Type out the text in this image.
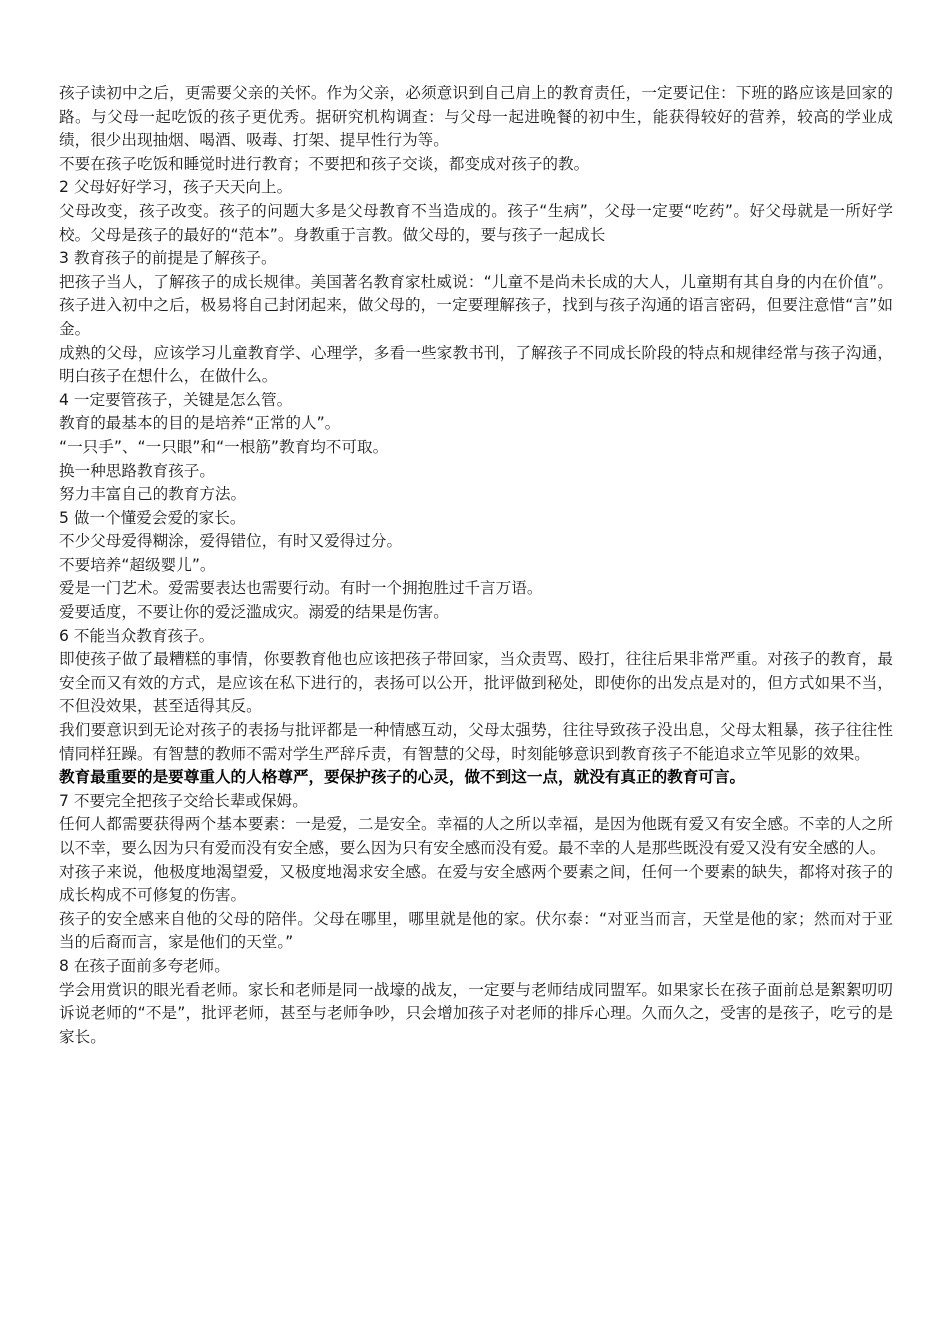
孩子读初中之后，更需要父亲的关怀。作为父亲，必须意识到自己肩上的教育责任，一定要记住：下班的路应该是回家的路。与父母一起吃饭的孩子更优秀。据研究机构调查：与父母一起进晚餐的初中生，能获得较好的营养，较高的学业成绩，很少出现抽烟、喝酒、吸毒、打架、提早性行为等。

不要在孩子吃饭和睡觉时进行教育；不要把和孩子交谈，都变成对孩子的教。

2 父母好好学习，孩子天天向上。

父母改变，孩子改变。孩子的问题大多是父母教育不当造成的。孩子“生病”，父母一定要“吃药”。好父母就是一所好学校。父母是孩子的最好的“范本”。身教重于言教。做父母的，要与孩子一起成长

3 教育孩子的前提是了解孩子。

把孩子当人，了解孩子的成长规律。美国著名教育家杜威说：“儿童不是尚未长成的大人，儿童期有其自身的内在价值”。孩子进入初中之后，极易将自己封闭起来，做父母的，一定要理解孩子，找到与孩子沟通的语言密码，但要注意惜“言”如金。

成熟的父母，应该学习儿童教育学、心理学，多看一些家教书刊，了解孩子不同成长阶段的特点和规律经常与孩子沟通，明白孩子在想什么，在做什么。

4 一定要管孩子，关键是怎么管。

教育的最基本的目的是培养“正常的人”。

“一只手”、“一只眼”和“一根筋”教育均不可取。

换一种思路教育孩子。

努力丰富自己的教育方法。

5 做一个懂爱会爱的家长。

不少父母爱得糊涂，爱得错位，有时又爱得过分。

不要培养“超级婴儿”。

爱是一门艺术。爱需要表达也需要行动。有时一个拥抱胜过千言万语。

爱要适度，不要让你的爱泛滥成灾。溺爱的结果是伤害。

6 不能当众教育孩子。

即使孩子做了最糟糕的事情，你要教育他也应该把孩子带回家，当众责骂、殴打，往往后果非常严重。对孩子的教育，最安全而又有效的方式，是应该在私下进行的，表扬可以公开，批评做到秘处，即使你的出发点是对的，但方式如果不当，不但没效果，甚至适得其反。

我们要意识到无论对孩子的表扬与批评都是一种情感互动，父母太强势，往往导致孩子没出息，父母太粗暴，孩子往往性情同样狂躁。有智慧的教师不需对学生严辞斥责，有智慧的父母，时刻能够意识到教育孩子不能追求立竿见影的效果。

教育最重要的是要尊重人的人格尊严，要保护孩子的心灵，做不到这一点，就没有真正的教育可言。

7 不要完全把孩子交给长辈或保姆。

任何人都需要获得两个基本要素：一是爱，二是安全。幸福的人之所以幸福，是因为他既有爱又有安全感。不幸的人之所以不幸，要么因为只有爱而没有安全感，要么因为只有安全感而没有爱。最不幸的人是那些既没有爱又没有安全感的人。

对孩子来说，他极度地渴望爱，又极度地渴求安全感。在爱与安全感两个要素之间，任何一个要素的缺失，都将对孩子的成长构成不可修复的伤害。

孩子的安全感来自他的父母的陪伴。父母在哪里，哪里就是他的家。伏尔泰：“对亚当而言，天堂是他的家；然而对于亚当的后裔而言，家是他们的天堂。”

8 在孩子面前多夸老师。

学会用赏识的眼光看老师。家长和老师是同一战壕的战友，一定要与老师结成同盟军。如果家长在孩子面前总是絮絮叨叨诉说老师的“不是”，批评老师，甚至与老师争吵，只会增加孩子对老师的排斥心理。久而久之，受害的是孩子，吃亏的是家长。
